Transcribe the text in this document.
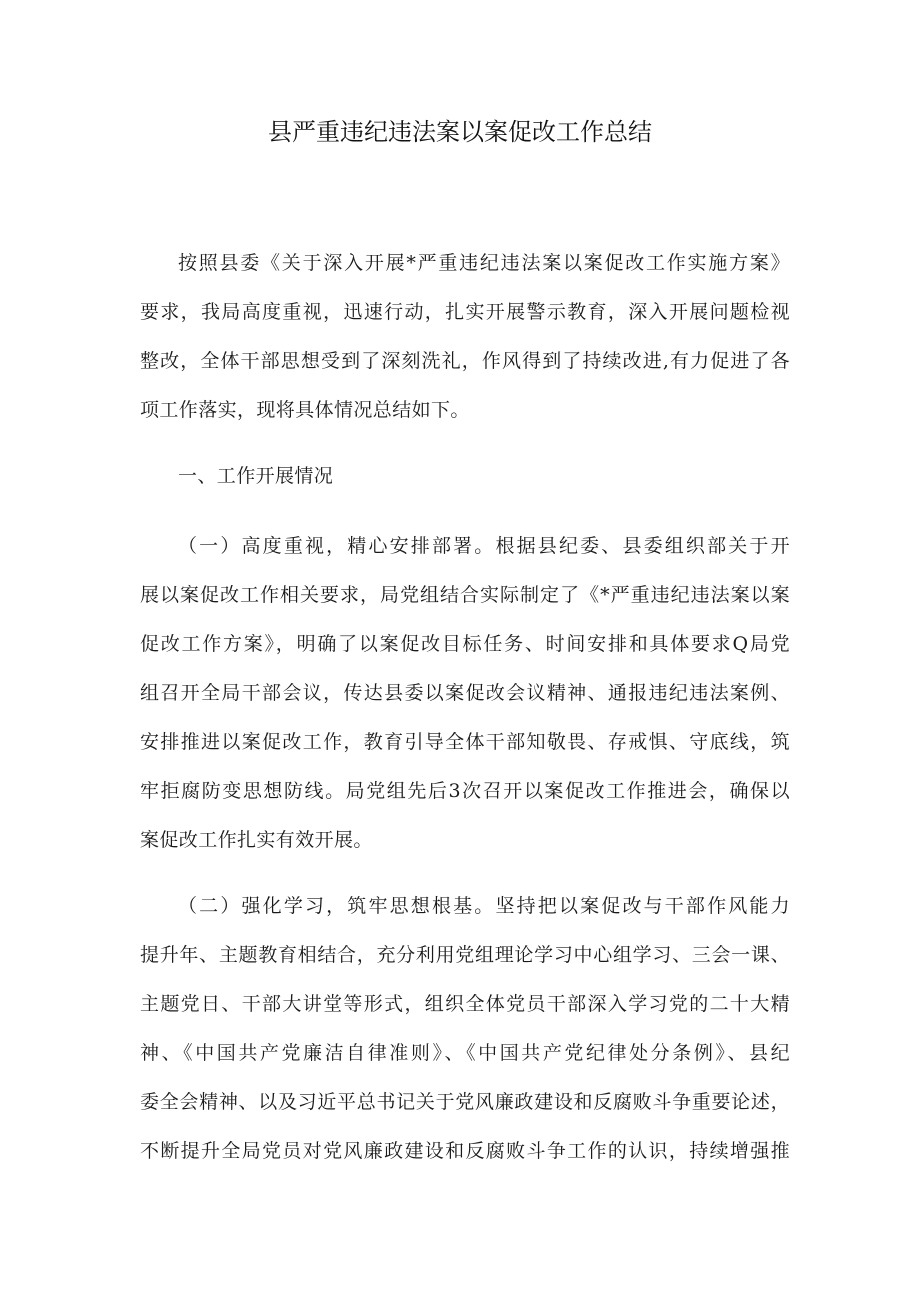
县严重违纪违法案以案促改工作总结
按照县委《关于深入开展*严重违纪违法案以案促改工作实施方案》
要求，我局高度重视，迅速行动，扎实开展警示教育，深入开展问题检视
整改，全体干部思想受到了深刻洗礼，作风得到了持续改进,有力促进了各
项工作落实，现将具体情况总结如下。
一、工作开展情况
（一）高度重视，精心安排部署。根据县纪委、县委组织部关于开
展以案促改工作相关要求，局党组结合实际制定了《*严重违纪违法案以案
促改工作方案》，明确了以案促改目标任务、时间安排和具体要求Q局党
组召开全局干部会议，传达县委以案促改会议精神、通报违纪违法案例、
安排推进以案促改工作，教育引导全体干部知敬畏、存戒惧、守底线，筑
牢拒腐防变思想防线。局党组先后3次召开以案促改工作推进会，确保以
案促改工作扎实有效开展。
（二）强化学习，筑牢思想根基。坚持把以案促改与干部作风能力
提升年、主题教育相结合，充分利用党组理论学习中心组学习、三会一课、
主题党日、干部大讲堂等形式，组织全体党员干部深入学习党的二十大精
神、《中国共产党廉洁自律准则》、《中国共产党纪律处分条例》、县纪
委全会精神、以及习近平总书记关于党风廉政建设和反腐败斗争重要论述，
不断提升全局党员对党风廉政建设和反腐败斗争工作的认识，持续增强推
